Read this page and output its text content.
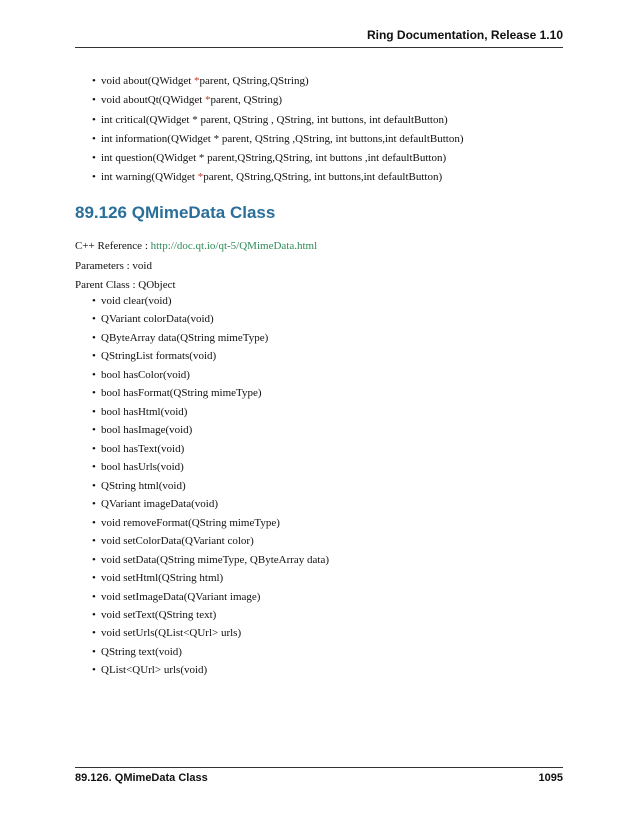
Ring Documentation, Release 1.10
• void about(QWidget *parent, QString,QString)
• void aboutQt(QWidget *parent, QString)
• int critical(QWidget * parent, QString , QString, int buttons, int defaultButton)
• int information(QWidget * parent, QString ,QString, int buttons,int defaultButton)
• int question(QWidget * parent,QString,QString, int buttons ,int defaultButton)
• int warning(QWidget *parent, QString,QString, int buttons,int defaultButton)
89.126 QMimeData Class
C++ Reference : http://doc.qt.io/qt-5/QMimeData.html
Parameters : void
Parent Class : QObject
• void clear(void)
• QVariant colorData(void)
• QByteArray data(QString mimeType)
• QStringList formats(void)
• bool hasColor(void)
• bool hasFormat(QString mimeType)
• bool hasHtml(void)
• bool hasImage(void)
• bool hasText(void)
• bool hasUrls(void)
• QString html(void)
• QVariant imageData(void)
• void removeFormat(QString mimeType)
• void setColorData(QVariant color)
• void setData(QString mimeType, QByteArray data)
• void setHtml(QString html)
• void setImageData(QVariant image)
• void setText(QString text)
• void setUrls(QList<QUrl> urls)
• QString text(void)
• QList<QUrl> urls(void)
89.126. QMimeData Class	1095
